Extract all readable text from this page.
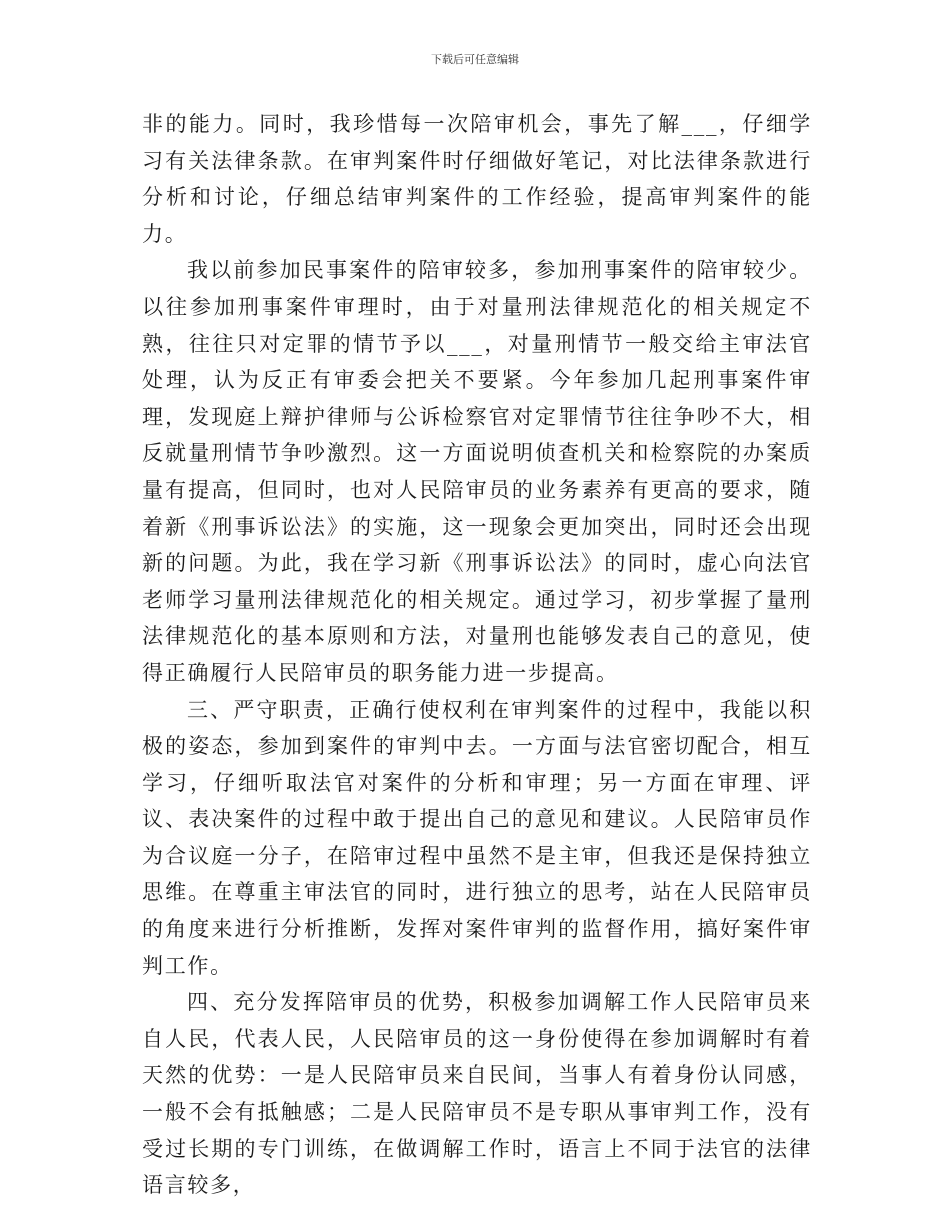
下载后可任意编辑

非的能力。同时，我珍惜每一次陪审机会，事先了解___，仔细学习有关法律条款。在审判案件时仔细做好笔记，对比法律条款进行分析和讨论，仔细总结审判案件的工作经验，提高审判案件的能力。

我以前参加民事案件的陪审较多，参加刑事案件的陪审较少。以往参加刑事案件审理时，由于对量刑法律规范化的相关规定不熟，往往只对定罪的情节予以___，对量刑情节一般交给主审法官处理，认为反正有审委会把关不要紧。今年参加几起刑事案件审理，发现庭上辩护律师与公诉检察官对定罪情节往往争吵不大，相反就量刑情节争吵激烈。这一方面说明侦查机关和检察院的办案质量有提高，但同时，也对人民陪审员的业务素养有更高的要求，随着新《刑事诉讼法》的实施，这一现象会更加突出，同时还会出现新的问题。为此，我在学习新《刑事诉讼法》的同时，虚心向法官老师学习量刑法律规范化的相关规定。通过学习，初步掌握了量刑法律规范化的基本原则和方法，对量刑也能够发表自己的意见，使得正确履行人民陪审员的职务能力进一步提高。

三、严守职责，正确行使权利在审判案件的过程中，我能以积极的姿态，参加到案件的审判中去。一方面与法官密切配合，相互学习，仔细听取法官对案件的分析和审理；另一方面在审理、评议、表决案件的过程中敢于提出自己的意见和建议。人民陪审员作为合议庭一分子，在陪审过程中虽然不是主审，但我还是保持独立思维。在尊重主审法官的同时，进行独立的思考，站在人民陪审员的角度来进行分析推断，发挥对案件审判的监督作用，搞好案件审判工作。

四、充分发挥陪审员的优势，积极参加调解工作人民陪审员来自人民，代表人民，人民陪审员的这一身份使得在参加调解时有着天然的优势：一是人民陪审员来自民间，当事人有着身份认同感，一般不会有抵触感；二是人民陪审员不是专职从事审判工作，没有受过长期的专门训练，在做调解工作时，语言上不同于法官的法律语言较多，
